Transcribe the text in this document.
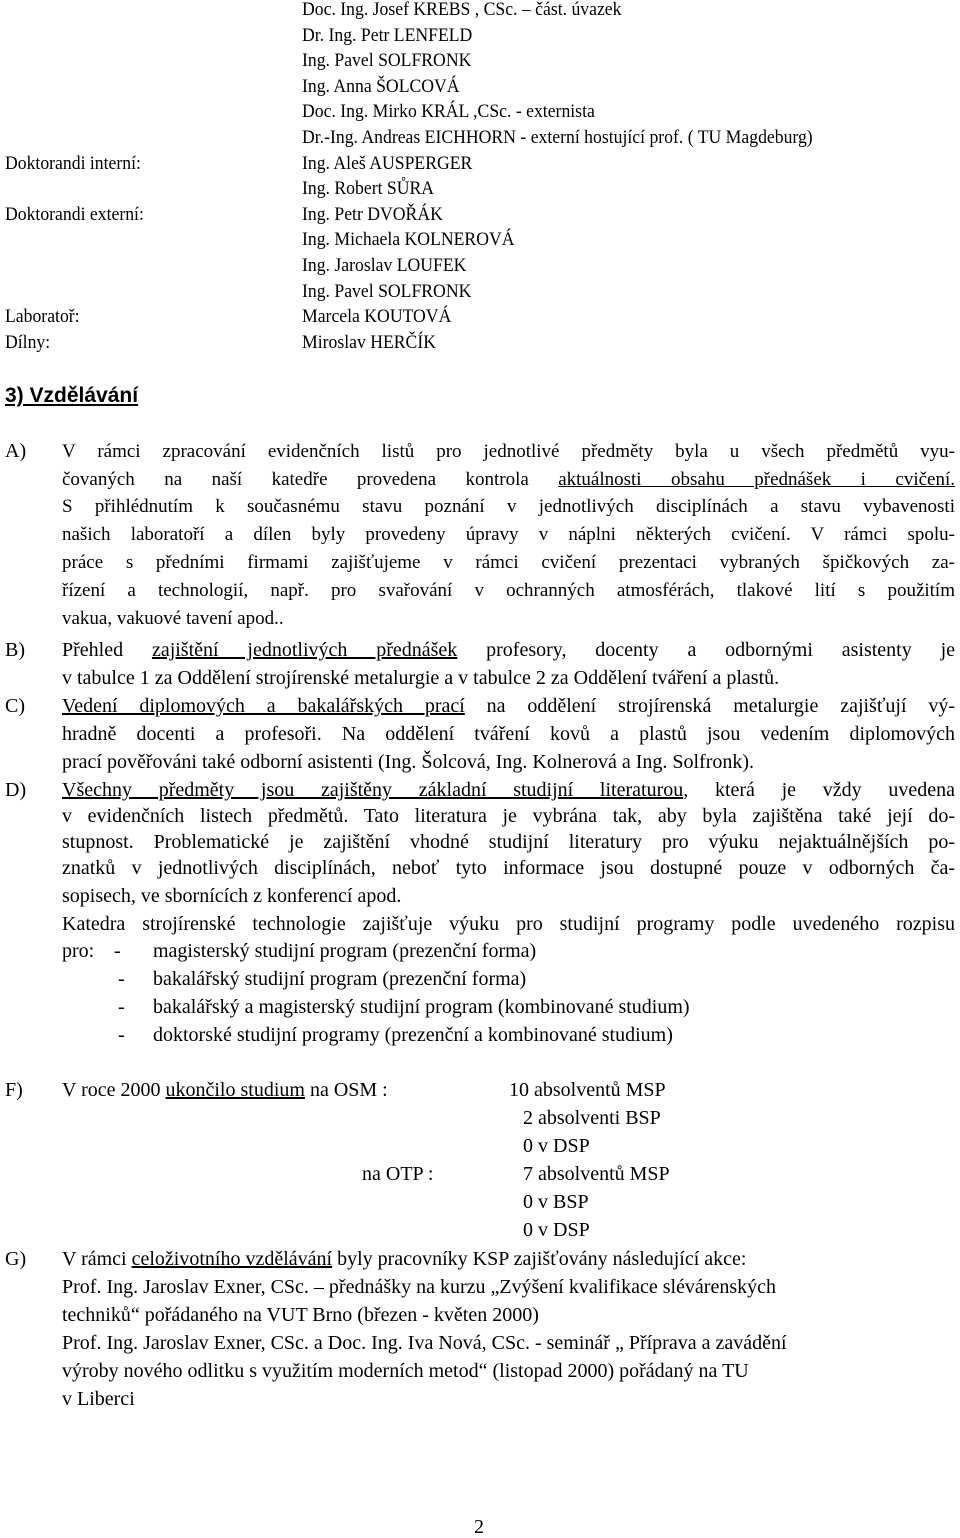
Doc. Ing. Josef KREBS , CSc. – část. úvazek
Dr. Ing. Petr LENFELD
Ing. Pavel SOLFRONK
Ing. Anna ŠOLCOVÁ
Doc. Ing. Mirko KRÁL ,CSc. - externista
Dr.-Ing. Andreas EICHHORN - externí hostující prof. ( TU Magdeburg)
Doktorandi interní:	Ing. Aleš AUSPERGER
Ing. Robert SŮRA
Doktorandi externí:	Ing. Petr DVOŘÁK
Ing. Michaela KOLNEROVÁ
Ing. Jaroslav LOUFEK
Ing. Pavel SOLFRONK
Laboratoř:	Marcela KOUTOVÁ
Dílny:	Miroslav HERČÍK
3) Vzdělávání
A) V rámci zpracování evidenčních listů pro jednotlivé předměty byla u všech předmětů vyu-
čovaných na naší katedře provedena kontrola aktuálnosti obsahu přednášek i cvičení.
S přihlédnutím k současnému stavu poznání v jednotlivých disciplínách a stavu vybavenosti
našich laboratoří a dílen byly provedeny úpravy v náplni některých cvičení. V rámci spolu-
práce s předními firmami zajišťujeme v rámci cvičení prezentaci vybraných špičkových za-
řízení a technologií, např. pro svařování v ochranných atmosférách, tlakové lití s použitím
vakua, vakuové tavení apod..
B) Přehled zajištění jednotlivých přednášek profesory, docenty a odbornými asistenty je
v tabulce 1 za Oddělení strojírenské metalurgie a v tabulce 2 za Oddělení tváření a plastů.
C) Vedení diplomových a bakalářských prací na oddělení strojírenská metalurgie zajišťují vý-
hradně docenti a profesoři. Na oddělení tváření kovů a plastů jsou vedením diplomových
prací pověřováni také odborní asistenti (Ing. Šolcová, Ing. Kolnerová a Ing. Solfronk).
D) Všechny předměty jsou zajištěny základní studijní literaturou, která je vždy uvedena
v evidenčních listech předmětů. Tato literatura je vybrána tak, aby byla zajištěna také její do-
stupnost. Problematické je zajištění vhodné studijní literatury pro výuku nejaktuálnějších po-
znatků v jednotlivých disciplínách, neboť tyto informace jsou dostupné pouze v odborných ča-
sopisech, ve sbornících z konferencí apod.
Katedra strojírenské technologie zajišťuje výuku pro studijní programy podle uvedeného rozpisu
pro: - magisterský studijní program (prezenční forma)
- bakalářský studijní program (prezenční forma)
- bakalářský a magisterský studijní program (kombinované studium)
- doktorské studijní programy (prezenční a kombinované studium)
F) V roce 2000 ukončilo studium na OSM :	10 absolventů MSP
2 absolventi BSP
0 v DSP
na OTP :	7 absolventů MSP
0 v BSP
0 v DSP
G) V rámci celoživotního vzdělávání byly pracovníky KSP zajišťovány následující akce:
Prof. Ing. Jaroslav Exner, CSc. – přednášky na kurzu „Zvýšení kvalifikace slévárenských
techniků“ pořádaného na VUT Brno (březen - květen 2000)
Prof. Ing. Jaroslav Exner, CSc. a Doc. Ing. Iva Nová, CSc. - seminář „ Příprava a zavádění
výroby nového odlitku s využitím moderních metod“ (listopad 2000) pořádaný na TU
v Liberci
2
